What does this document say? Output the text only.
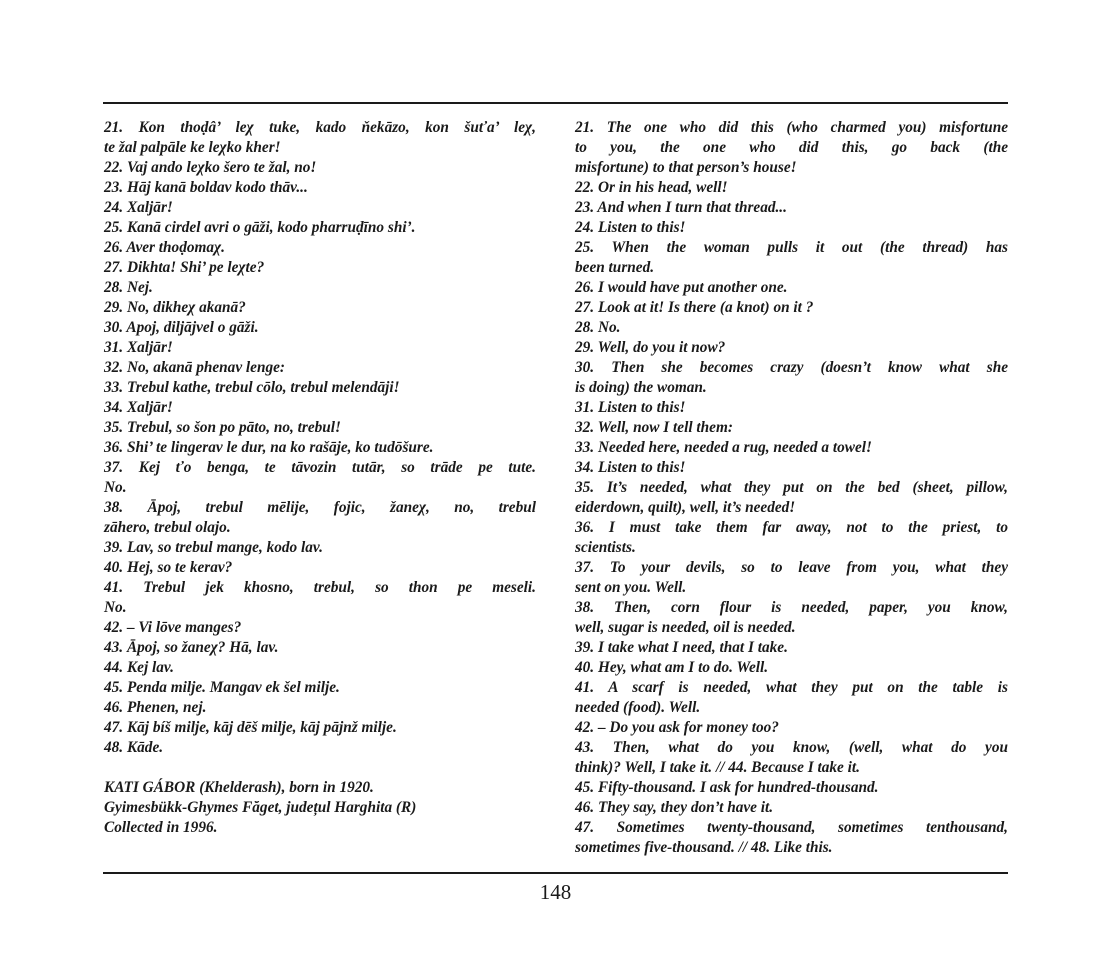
21. Kon thoḍâ’ leχ tuke, kado ňekāzo, kon šuťa’ leχ,
te žal palpāle ke leχko kher!
22. Vaj ando leχko šero te žal, no!
23. Hāj kanā boldav kodo thāv...
24. Xaljār!
25. Kanā cirdel avri o gāži, kodo pharruḍīno shi’.
26. Aver thoḍomaχ.
27. Dikhta! Shi’ pe leχte?
28. Nej.
29. No, dikheχ akanā?
30. Apoj, diljājvel o gāži.
31. Xaljār!
32. No, akanā phenav lenge:
33. Trebul kathe, trebul cōlo, trebul melendāji!
34. Xaljār!
35. Trebul, so šon po pāto, no, trebul!
36. Shi’ te lingerav le dur, na ko rašāje, ko tudōšure.
37. Kej ťo benga, te tāvozin tutār, so trāde pe tute.
No.
38. Āpoj, trebul mēlije, fojic, žaneχ, no, trebul
zāhero, trebul olajo.
39. Lav, so trebul mange, kodo lav.
40. Hej, so te kerav?
41. Trebul jek khosno, trebul, so thon pe meseli.
No.
42. – Vi lōve manges?
43. Āpoj, so žaneχ? Hā, lav.
44. Kej lav.
45. Penda milje. Mangav ek šel milje.
46. Phenen, nej.
47. Kāj bíš milje, kāj dēš milje, kāj pājnž milje.
48. Kāde.
KATI GÁBOR (Khelderash), born in 1920.
Gyimesbükk-Ghymes Făget, județul Harghita (R)
Collected in 1996.
21. The one who did this (who charmed you) misfortune
to you, the one who did this, go back (the
misfortune) to that person’s house!
22. Or in his head, well!
23. And when I turn that thread...
24. Listen to this!
25. When the woman pulls it out (the thread) has
been turned.
26. I would have put another one.
27. Look at it! Is there (a knot) on it ?
28. No.
29. Well, do you it now?
30. Then she becomes crazy (doesn’t know what she
is doing) the woman.
31. Listen to this!
32. Well, now I tell them:
33. Needed here, needed a rug, needed a towel!
34. Listen to this!
35. It’s needed, what they put on the bed (sheet, pillow,
eiderdown, quilt), well, it’s needed!
36. I must take them far away, not to the priest, to
scientists.
37. To your devils, so to leave from you, what they
sent on you. Well.
38. Then, corn flour is needed, paper, you know,
well, sugar is needed, oil is needed.
39. I take what I need, that I take.
40. Hey, what am I to do. Well.
41. A scarf is needed, what they put on the table is
needed (food). Well.
42. – Do you ask for money too?
43. Then, what do you know, (well, what do you
think)? Well, I take it. // 44. Because I take it.
45. Fifty-thousand. I ask for hundred-thousand.
46. They say, they don’t have it.
47. Sometimes twenty-thousand, sometimes tenthousand,
sometimes five-thousand. // 48. Like this.
148
